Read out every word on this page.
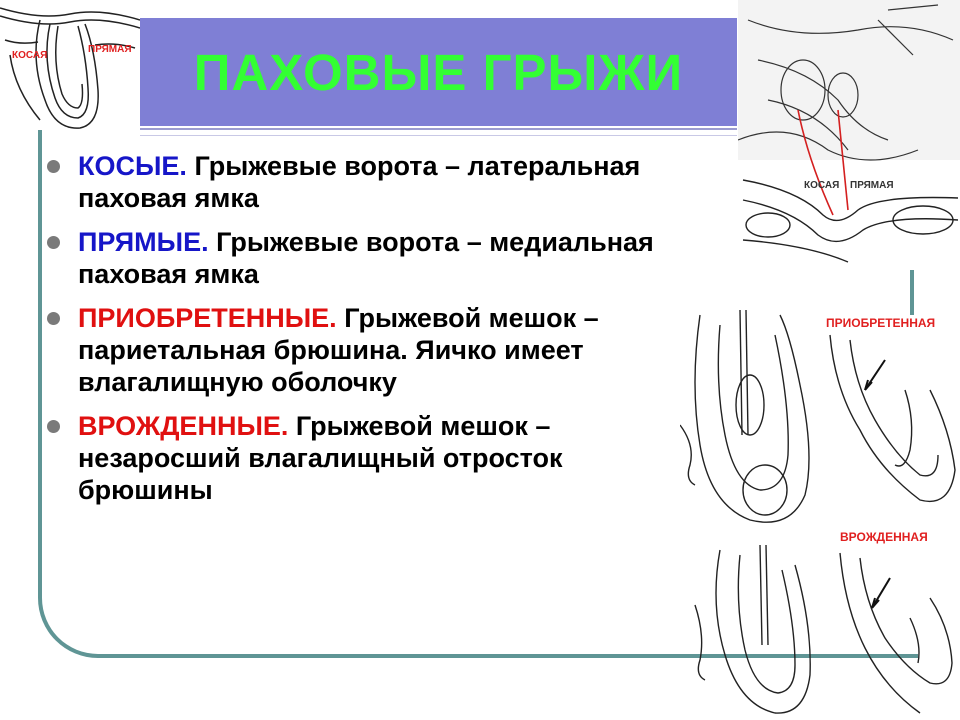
КОСАЯ
ПРЯМАЯ ПАХОВЫЕ ГРЫЖИ
КОСАЯ ПРЯМАЯ
КОСЫЕ. Грыжевые ворота – латеральная паховая ямка
ПРЯМЫЕ. Грыжевые ворота – медиальная паховая ямка
ПРИОБРЕТЕННЫЕ. Грыжевой мешок – париетальная брюшина. Яичко имеет влагалищную оболочку
ВРОЖДЕННЫЕ. Грыжевой мешок – незаросший влагалищный отросток брюшины
ПРИОБРЕТЕННАЯ
ВРОЖДЕННАЯ
